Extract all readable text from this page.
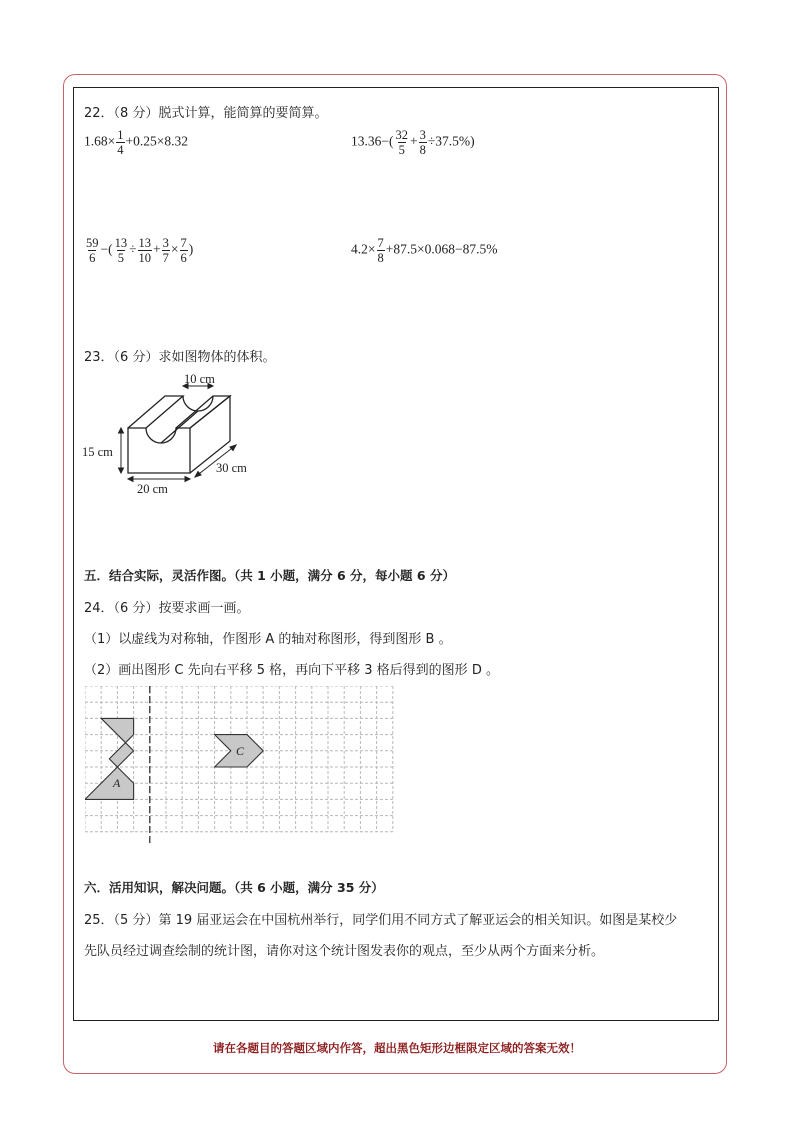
22．（8 分）脱式计算，能简算的要简算。
$1.68\times \frac{1}{4} +0.25\times 8.32$	$13.36-( \frac{32}{5} + \frac{3}{8} \div 37.5\%)$
$\frac{59}{6}$ −( $\frac{13}{5} \div \frac{13}{10} + \frac{3}{7} \times \frac{7}{6}$ )	$4.2\times \frac{7}{8} +87.5\times 0.068-87.5\%$
23．（6 分）求如图物体的体积。
10 cm
15 cm
20 cm
30 cm
五．结合实际，灵活作图。（共 1 小题，满分 6 分，每小题 6 分）
24．（6 分）按要求画一画。
（1）以虚线为对称轴，作图形 A 的轴对称图形，得到图形 B 。
（2）画出图形 C 先向右平移 5 格，再向下平移 3 格后得到的图形 D 。
A
C
六．活用知识，解决问题。（共 6 小题，满分 35 分）
25．（5 分）第 19 届亚运会在中国杭州举行，同学们用不同方式了解亚运会的相关知识。如图是某校少
先队员经过调查绘制的统计图，请你对这个统计图发表你的观点，至少从两个方面来分析。
请在各题目的答题区域内作答，超出黑色矩形边框限定区域的答案无效！
